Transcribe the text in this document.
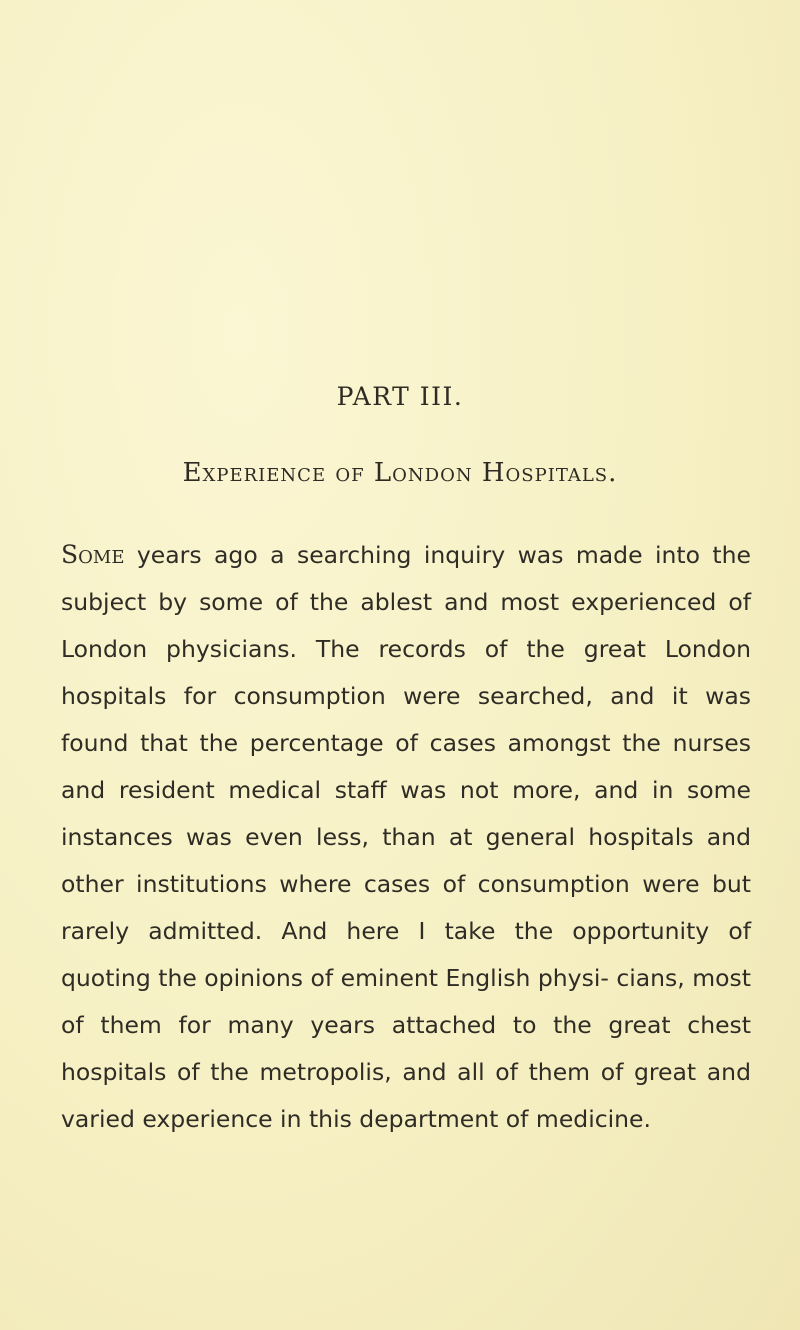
PART III.
Experience of London Hospitals.

Some years ago a searching inquiry was made into the subject by some of the ablest and most experienced of London physicians. The records of the great London hospitals for consumption were searched, and it was found that the percentage of cases amongst the nurses and resident medical staff was not more, and in some instances was even less, than at general hospitals and other institutions where cases of consumption were but rarely admitted. And here I take the opportunity of quoting the opinions of eminent English physi- cians, most of them for many years attached to the great chest hospitals of the metropolis, and all of them of great and varied experience in this department of medicine.
